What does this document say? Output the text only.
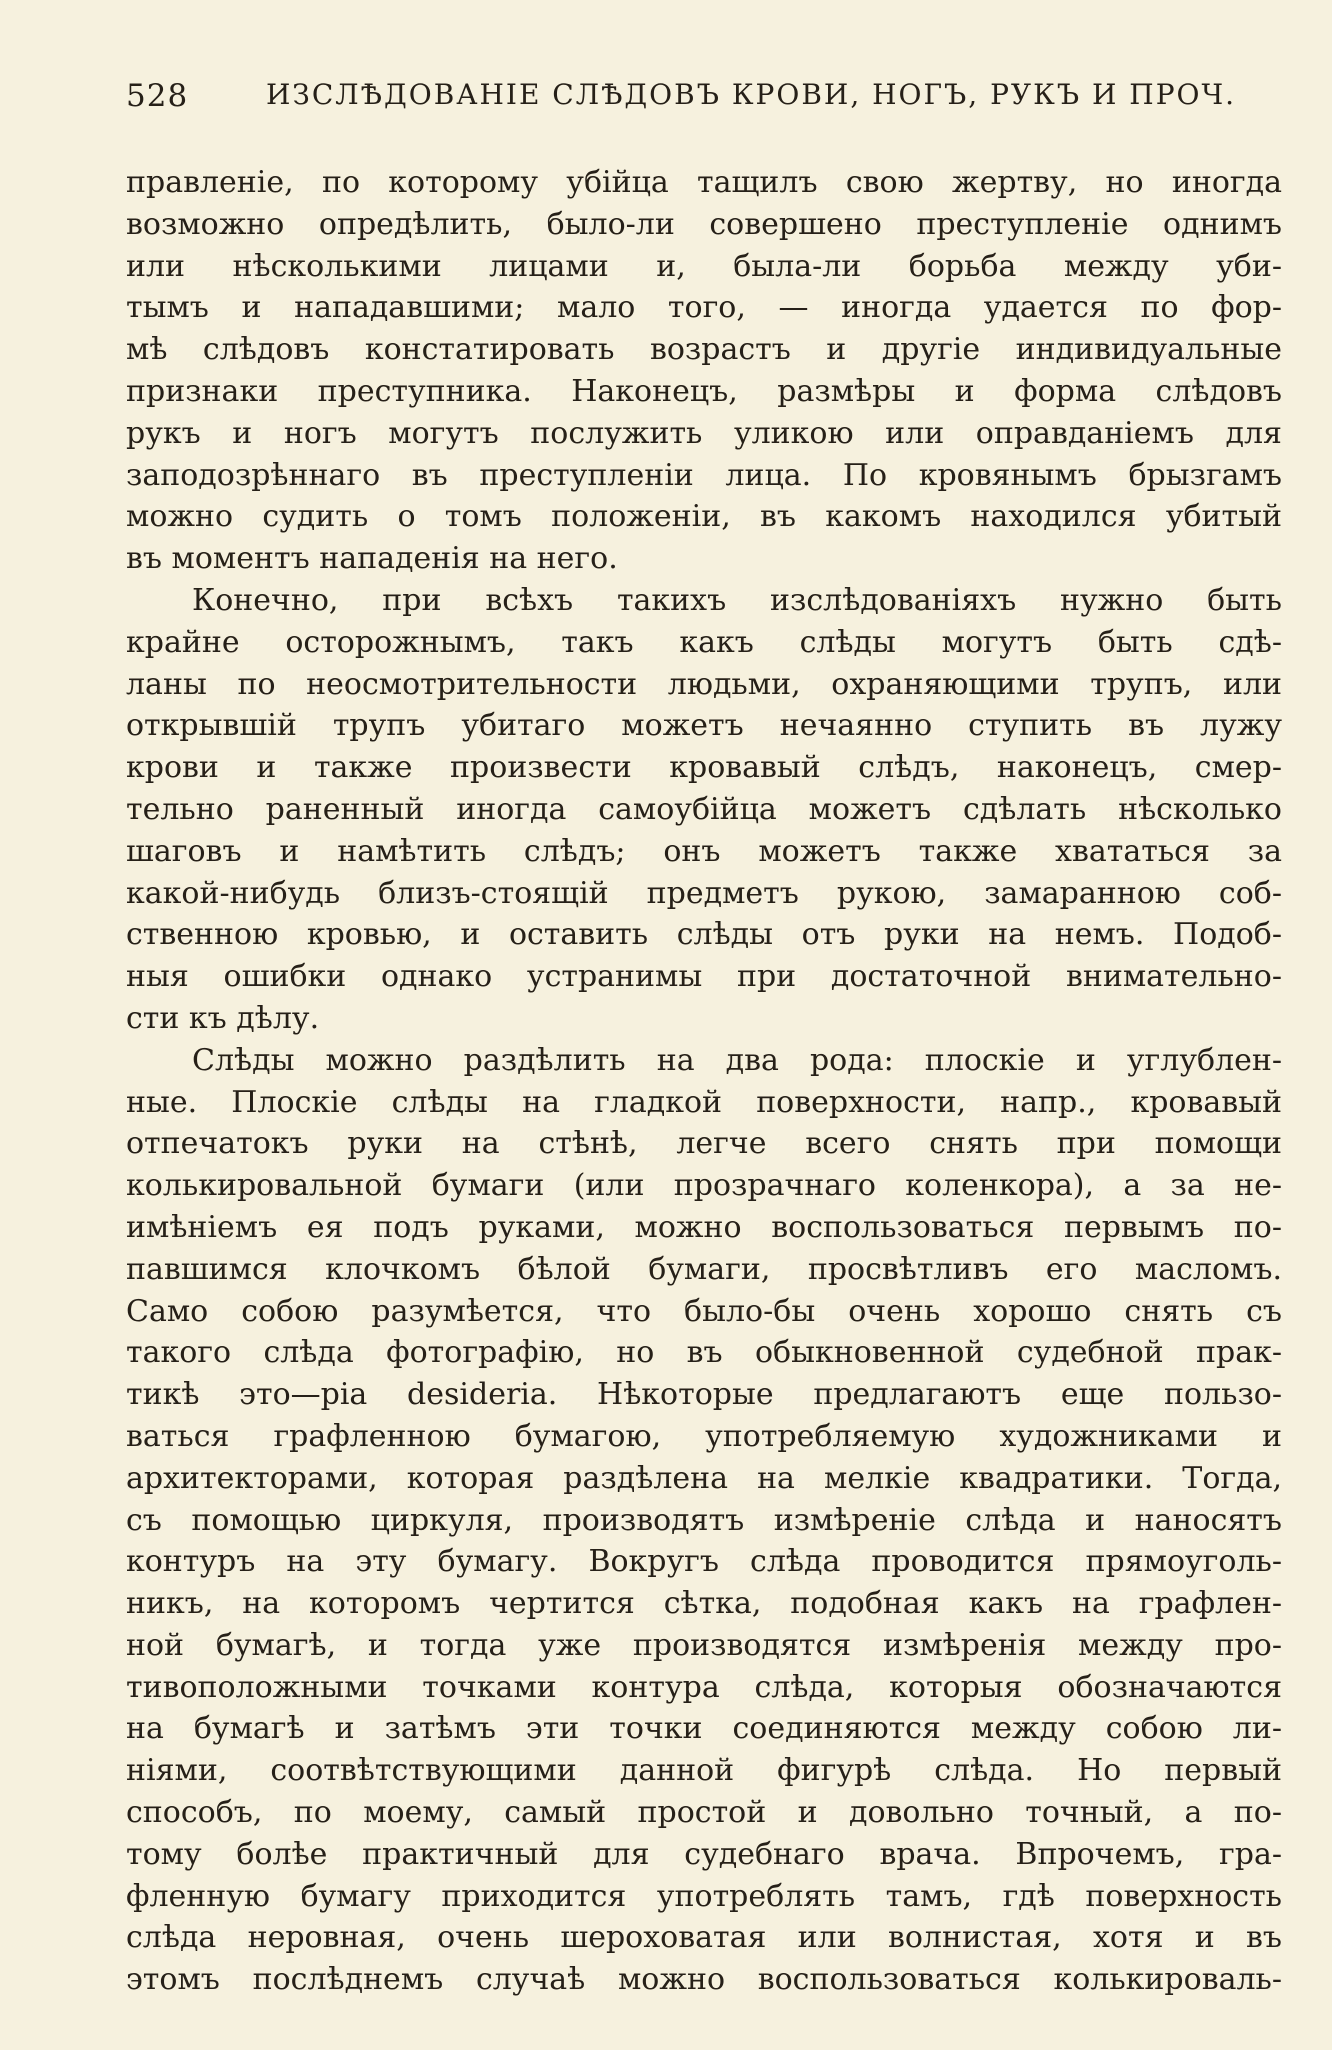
528	ИЗСЛѢДОВАНІЕ СЛѢДОВЪ КРОВИ, НОГЪ, РУКЪ И ПРОЧ.
правленіе, по которому убійца тащилъ свою жертву, но иногда
возможно опредѣлить, было-ли совершено преступленіе однимъ
или нѣсколькими лицами и, была-ли борьба между уби-
тымъ и нападавшими; мало того, — иногда удается по фор-
мѣ слѣдовъ констатировать возрастъ и другіе индивидуальные
признаки преступника. Наконецъ, размѣры и форма слѣдовъ
рукъ и ногъ могутъ послужить уликою или оправданіемъ для
заподозрѣннаго въ преступленіи лица. По кровянымъ брызгамъ
можно судить о томъ положеніи, въ какомъ находился убитый
въ моментъ нападенія на него.
Конечно, при всѣхъ такихъ изслѣдованіяхъ нужно быть
крайне осторожнымъ, такъ какъ слѣды могутъ быть сдѣ-
ланы по неосмотрительности людьми, охраняющими трупъ, или
открывшій трупъ убитаго можетъ нечаянно ступить въ лужу
крови и также произвести кровавый слѣдъ, наконецъ, смер-
тельно раненный иногда самоубійца можетъ сдѣлать нѣсколько
шаговъ и намѣтить слѣдъ; онъ можетъ также хвататься за
какой-нибудь близъ-стоящій предметъ рукою, замаранною соб-
ственною кровью, и оставить слѣды отъ руки на немъ. Подоб-
ныя ошибки однако устранимы при достаточной внимательно-
сти къ дѣлу.
Слѣды можно раздѣлить на два рода: плоскіе и углублен-
ные. Плоскіе слѣды на гладкой поверхности, напр., кровавый
отпечатокъ руки на стѣнѣ, легче всего снять при помощи
колькировальной бумаги (или прозрачнаго коленкора), а за не-
имѣніемъ ея подъ руками, можно воспользоваться первымъ по-
павшимся клочкомъ бѣлой бумаги, просвѣтливъ его масломъ.
Само собою разумѣется, что было-бы очень хорошо снять съ
такого слѣда фотографію, но въ обыкновенной судебной прак-
тикѣ это—pia desideria. Нѣкоторые предлагаютъ еще пользо-
ваться графленною бумагою, употребляемую художниками и
архитекторами, которая раздѣлена на мелкіе квадратики. Тогда,
съ помощью циркуля, производятъ измѣреніе слѣда и наносятъ
контуръ на эту бумагу. Вокругъ слѣда проводится прямоуголь-
никъ, на которомъ чертится сѣтка, подобная какъ на графлен-
ной бумагѣ, и тогда уже производятся измѣренія между про-
тивоположными точками контура слѣда, которыя обозначаются
на бумагѣ и затѣмъ эти точки соединяются между собою ли-
ніями, соотвѣтствующими данной фигурѣ слѣда. Но первый
способъ, по моему, самый простой и довольно точный, а по-
тому болѣе практичный для судебнаго врача. Впрочемъ, гра-
фленную бумагу приходится употреблять тамъ, гдѣ поверхность
слѣда неровная, очень шероховатая или волнистая, хотя и въ
этомъ послѣднемъ случаѣ можно воспользоваться колькироваль-
